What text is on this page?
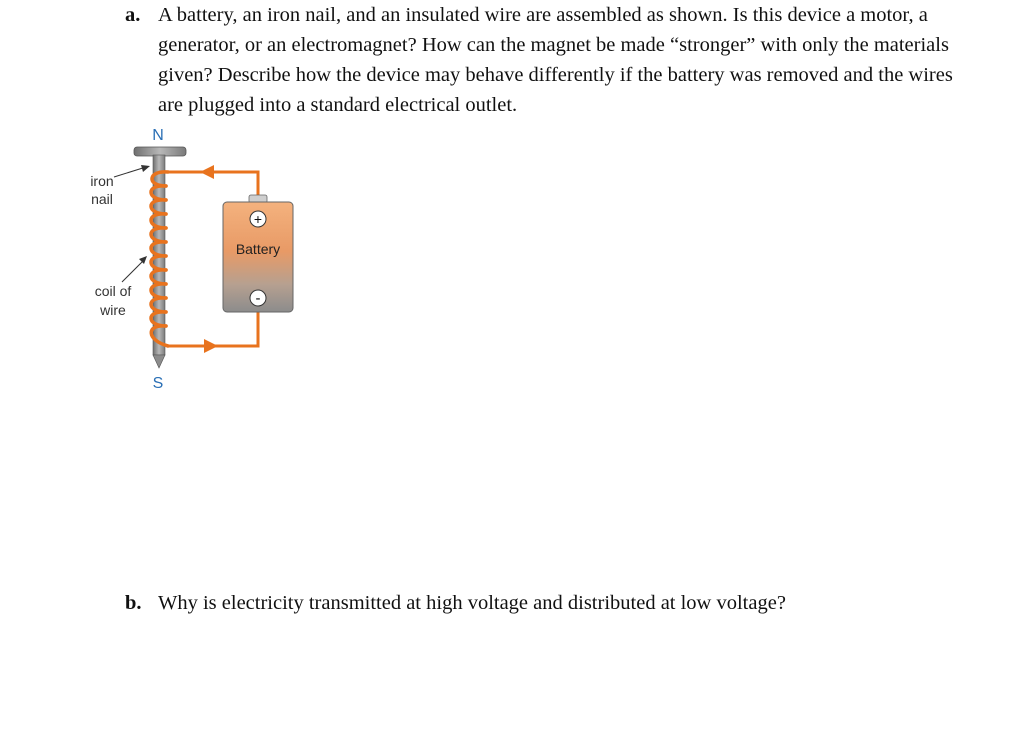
a. A battery, an iron nail, and an insulated wire are assembled as shown. Is this device a motor, a generator, or an electromagnet? How can the magnet be made “stronger” with only the materials given? Describe how the device may behave differently if the battery was removed and the wires are plugged into a standard electrical outlet.
N
+
Battery
-
iron
nail
coil of
wire
S
b. Why is electricity transmitted at high voltage and distributed at low voltage?
